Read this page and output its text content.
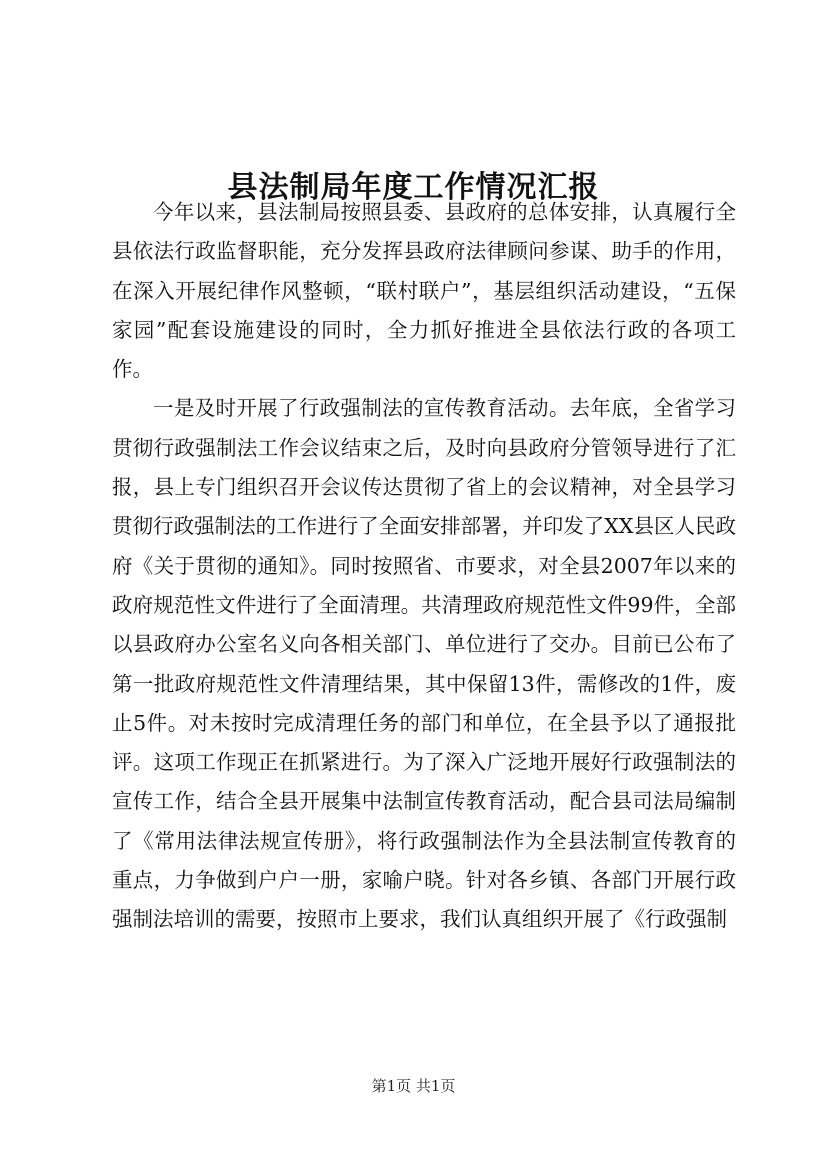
县法制局年度工作情况汇报

今年以来，县法制局按照县委、县政府的总体安排，认真履行全县依法行政监督职能，充分发挥县政府法律顾问参谋、助手的作用，在深入开展纪律作风整顿，“联村联户”，基层组织活动建设，“五保家园”配套设施建设的同时，全力抓好推进全县依法行政的各项工作。

一是及时开展了行政强制法的宣传教育活动。去年底，全省学习贯彻行政强制法工作会议结束之后，及时向县政府分管领导进行了汇报，县上专门组织召开会议传达贯彻了省上的会议精神，对全县学习贯彻行政强制法的工作进行了全面安排部署，并印发了XX县区人民政府《关于贯彻的通知》。同时按照省、市要求，对全县2007年以来的政府规范性文件进行了全面清理。共清理政府规范性文件99件，全部以县政府办公室名义向各相关部门、单位进行了交办。目前已公布了第一批政府规范性文件清理结果，其中保留13件，需修改的1件，废止5件。对未按时完成清理任务的部门和单位，在全县予以了通报批评。这项工作现正在抓紧进行。为了深入广泛地开展好行政强制法的宣传工作，结合全县开展集中法制宣传教育活动，配合县司法局编制了《常用法律法规宣传册》，将行政强制法作为全县法制宣传教育的重点，力争做到户户一册，家喻户晓。针对各乡镇、各部门开展行政强制法培训的需要，按照市上要求，我们认真组织开展了《行政强制

第1页 共1页
